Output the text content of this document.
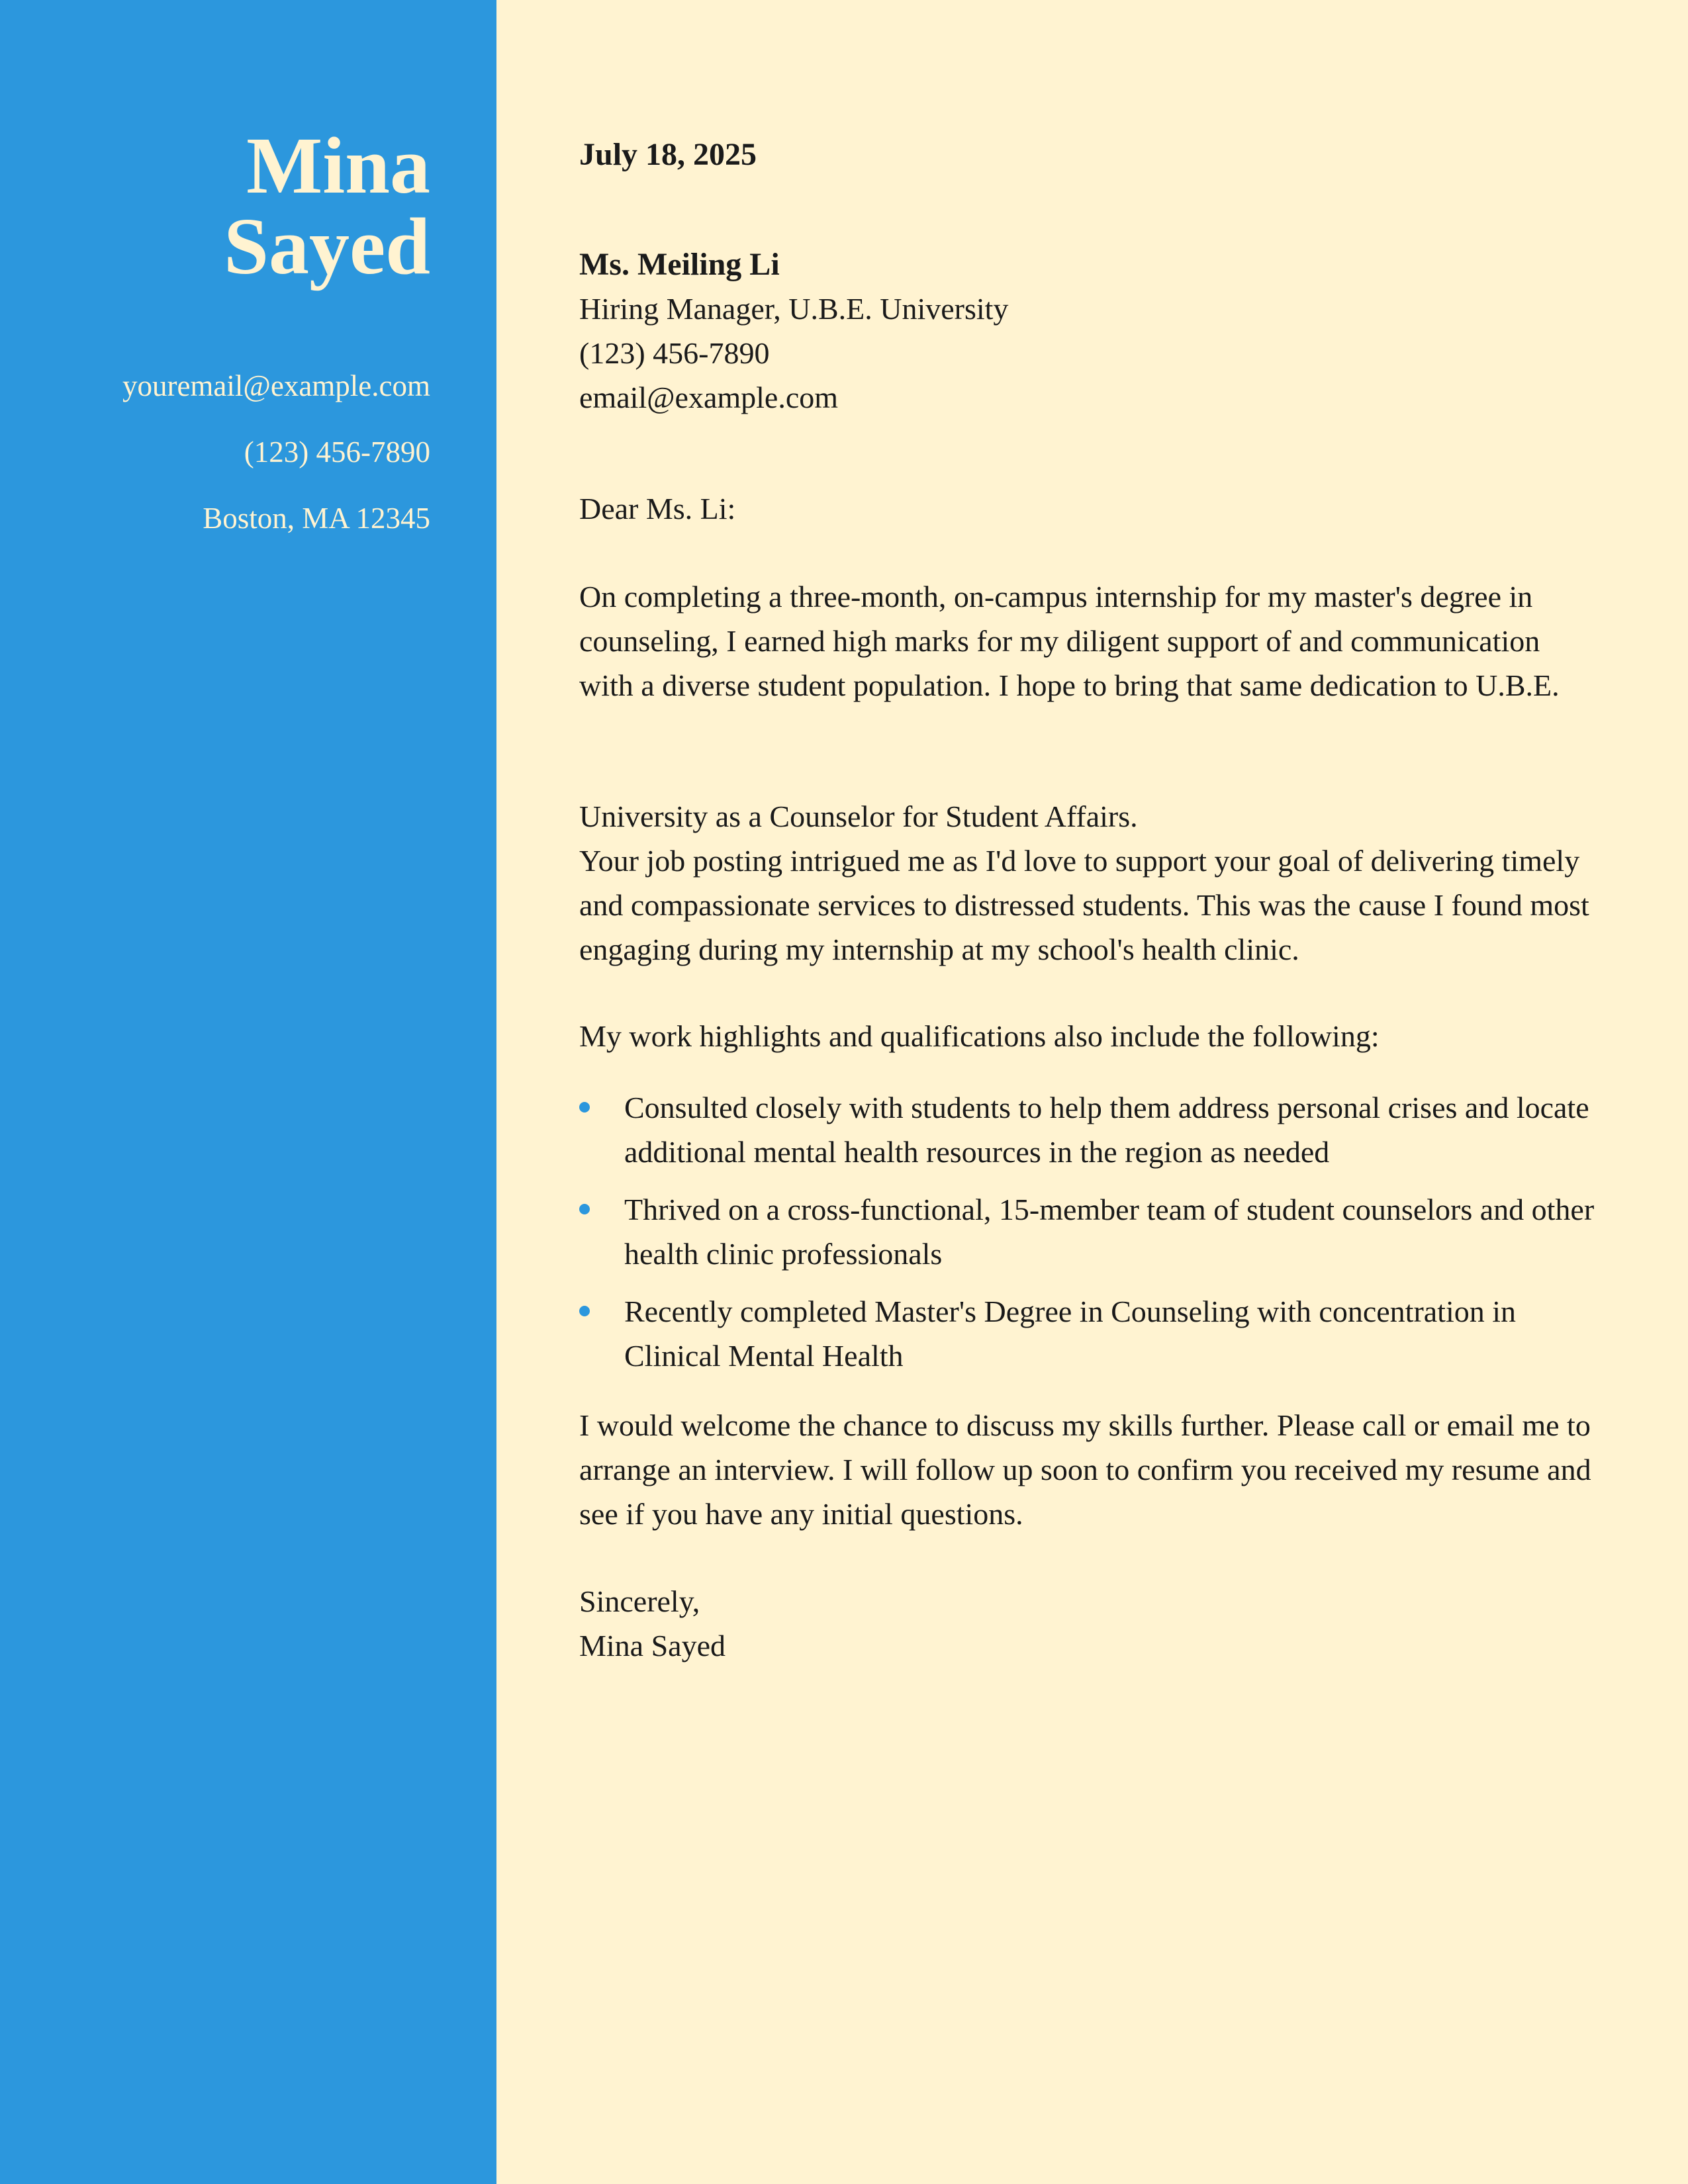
Mina
Sayed
youremail@example.com
(123) 456-7890
Boston, MA 12345
July 18, 2025
Ms. Meiling Li
Hiring Manager, U.B.E. University
(123) 456-7890
email@example.com
Dear Ms. Li:

On completing a three-month, on-campus internship for my master's degree in counseling, I earned high marks for my diligent support of and communication with a diverse student population. I hope to bring that same dedication to U.B.E.

University as a Counselor for Student Affairs.

Your job posting intrigued me as I'd love to support your goal of delivering timely and compassionate services to distressed students. This was the cause I found most engaging during my internship at my school's health clinic.

My work highlights and qualifications also include the following:
Consulted closely with students to help them address personal crises and locate additional mental health resources in the region as needed
Thrived on a cross-functional, 15-member team of student counselors and other health clinic professionals
Recently completed Master's Degree in Counseling with concentration in Clinical Mental Health

I would welcome the chance to discuss my skills further. Please call or email me to arrange an interview. I will follow up soon to confirm you received my resume and see if you have any initial questions.

Sincerely,
Mina Sayed
